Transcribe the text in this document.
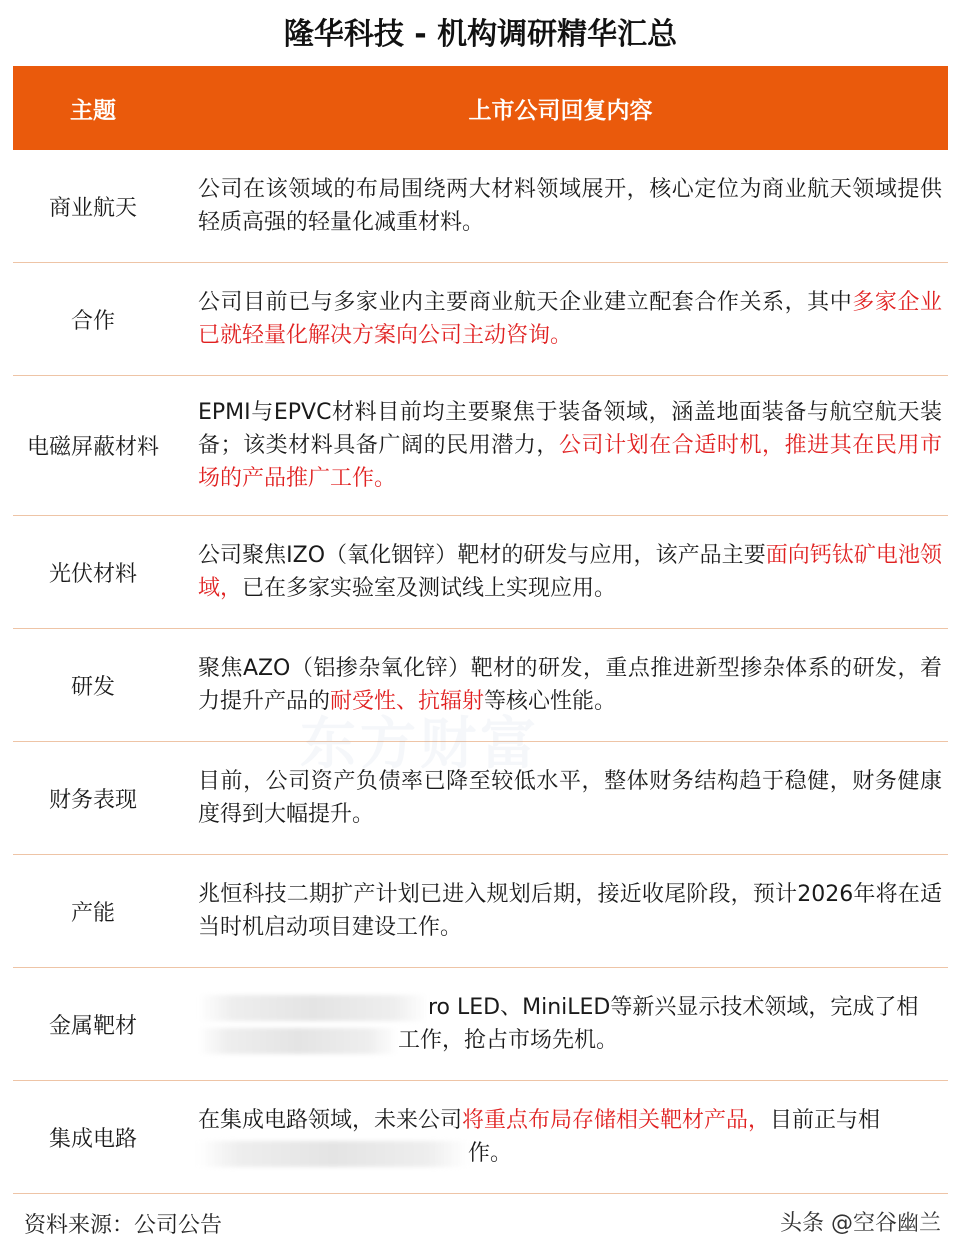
隆华科技 - 机构调研精华汇总
主题	上市公司回复内容
商业航天
公司在该领域的布局围绕两大材料领域展开，核心定位为商业航天领域提供轻质高强的轻量化减重材料。
合作
公司目前已与多家业内主要商业航天企业建立配套合作关系，其中多家企业已就轻量化解决方案向公司主动咨询。
电磁屏蔽材料
EPMI与EPVC材料目前均主要聚焦于装备领域，涵盖地面装备与航空航天装备；该类材料具备广阔的民用潜力，公司计划在合适时机，推进其在民用市场的产品推广工作。
光伏材料
公司聚焦IZO（氧化铟锌）靶材的研发与应用，该产品主要面向钙钛矿电池领域，已在多家实验室及测试线上实现应用。
研发
聚焦AZO（铝掺杂氧化锌）靶材的研发，重点推进新型掺杂体系的研发，着力提升产品的耐受性、抗辐射等核心性能。
财务表现
目前，公司资产负债率已降至较低水平，整体财务结构趋于稳健，财务健康度得到大幅提升。
产能
兆恒科技二期扩产计划已进入规划后期，接近收尾阶段，预计2026年将在适当时机启动项目建设工作。
金属靶材
ro LED、MiniLED等新兴显示技术领域，完成了相
工作，抢占市场先机。
集成电路
在集成电路领域，未来公司将重点布局存储相关靶材产品，目前正与相
作。
东方财富
资料来源：公司公告	头条 @空谷幽兰
